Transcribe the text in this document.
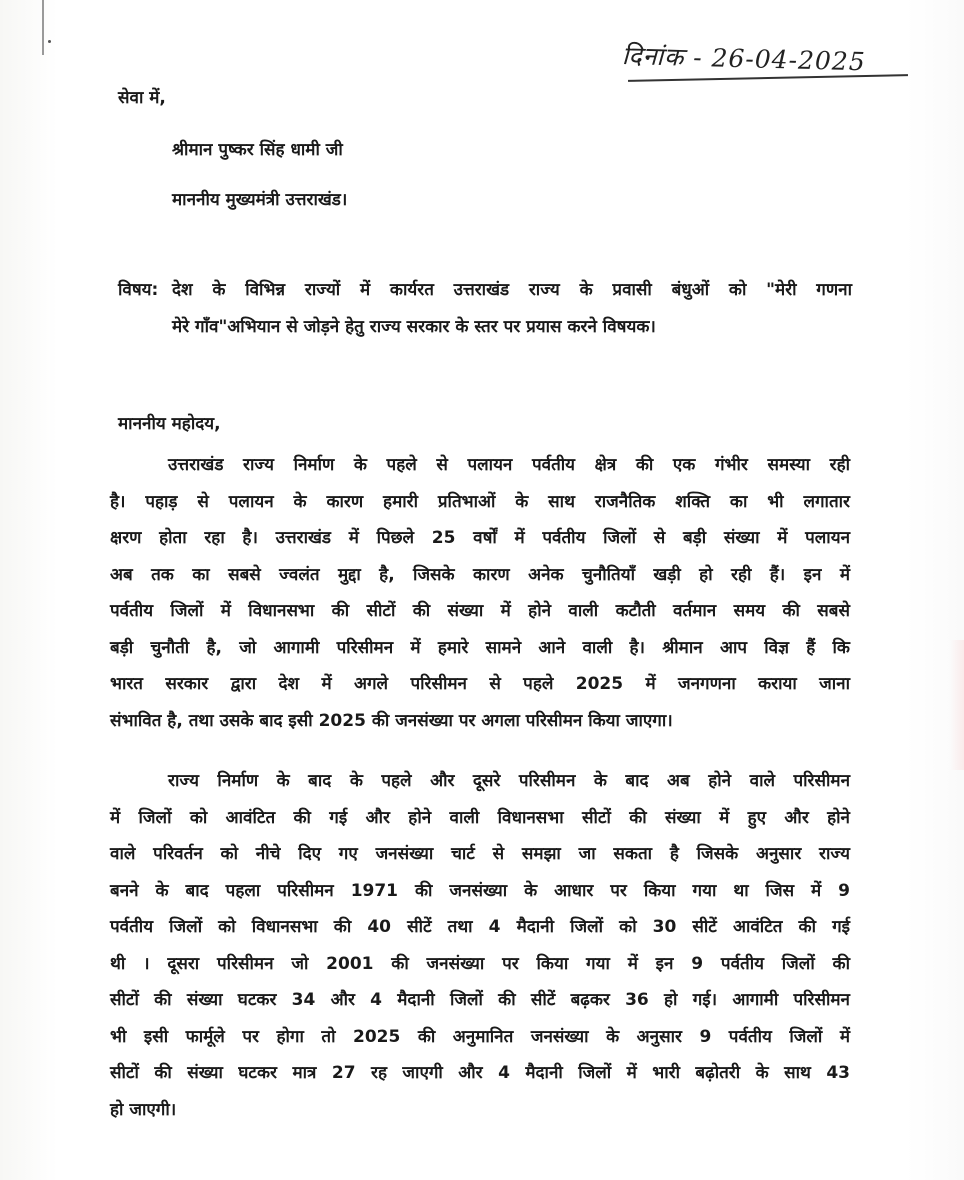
दिनांक - 26-04-2025
सेवा में,
श्रीमान पुष्कर सिंह धामी जी
माननीय मुख्यमंत्री उत्तराखंड।
विषय: देश के विभिन्न राज्यों में कार्यरत उत्तराखंड राज्य के प्रवासी बंधुओं को "मेरी गणना
मेरे गॉंव"अभियान से जोड़ने हेतु राज्य सरकार के स्तर पर प्रयास करने विषयक।
माननीय महोदय,
उत्तराखंड राज्य निर्माण के पहले से पलायन पर्वतीय क्षेत्र की एक गंभीर समस्या रही
है। पहाड़ से पलायन के कारण हमारी प्रतिभाओं के साथ राजनैतिक शक्ति का भी लगातार
क्षरण होता रहा है। उत्तराखंड में पिछले 25 वर्षों में पर्वतीय जिलों से बड़ी संख्या में पलायन
अब तक का सबसे ज्वलंत मुद्दा है, जिसके कारण अनेक चुनौतियाँ खड़ी हो रही हैं। इन में
पर्वतीय जिलों में विधानसभा की सीटों की संख्या में होने वाली कटौती वर्तमान समय की सबसे
बड़ी चुनौती है, जो आगामी परिसीमन में हमारे सामने आने वाली है। श्रीमान आप विज्ञ हैं कि
भारत सरकार द्वारा देश में अगले परिसीमन से पहले 2025 में जनगणना कराया जाना
संभावित है, तथा उसके बाद इसी 2025 की जनसंख्या पर अगला परिसीमन किया जाएगा।
राज्य निर्माण के बाद के पहले और दूसरे परिसीमन के बाद अब होने वाले परिसीमन
में जिलों को आवंटित की गई और होने वाली विधानसभा सीटों की संख्या में हुए और होने
वाले परिवर्तन को नीचे दिए गए जनसंख्या चार्ट से समझा जा सकता है जिसके अनुसार राज्य
बनने के बाद पहला परिसीमन 1971 की जनसंख्या के आधार पर किया गया था जिस में 9
पर्वतीय जिलों को विधानसभा की 40 सीटें तथा 4 मैदानी जिलों को 30 सीटें आवंटित की गई
थी । दूसरा परिसीमन जो 2001 की जनसंख्या पर किया गया में इन 9 पर्वतीय जिलों की
सीटों की संख्या घटकर 34 और 4 मैदानी जिलों की सीटें बढ़कर 36 हो गई। आगामी परिसीमन
भी इसी फार्मूले पर होगा तो 2025 की अनुमानित जनसंख्या के अनुसार 9 पर्वतीय जिलों में
सीटों की संख्या घटकर मात्र 27 रह जाएगी और 4 मैदानी जिलों में भारी बढ़ोतरी के साथ 43
हो जाएगी।
